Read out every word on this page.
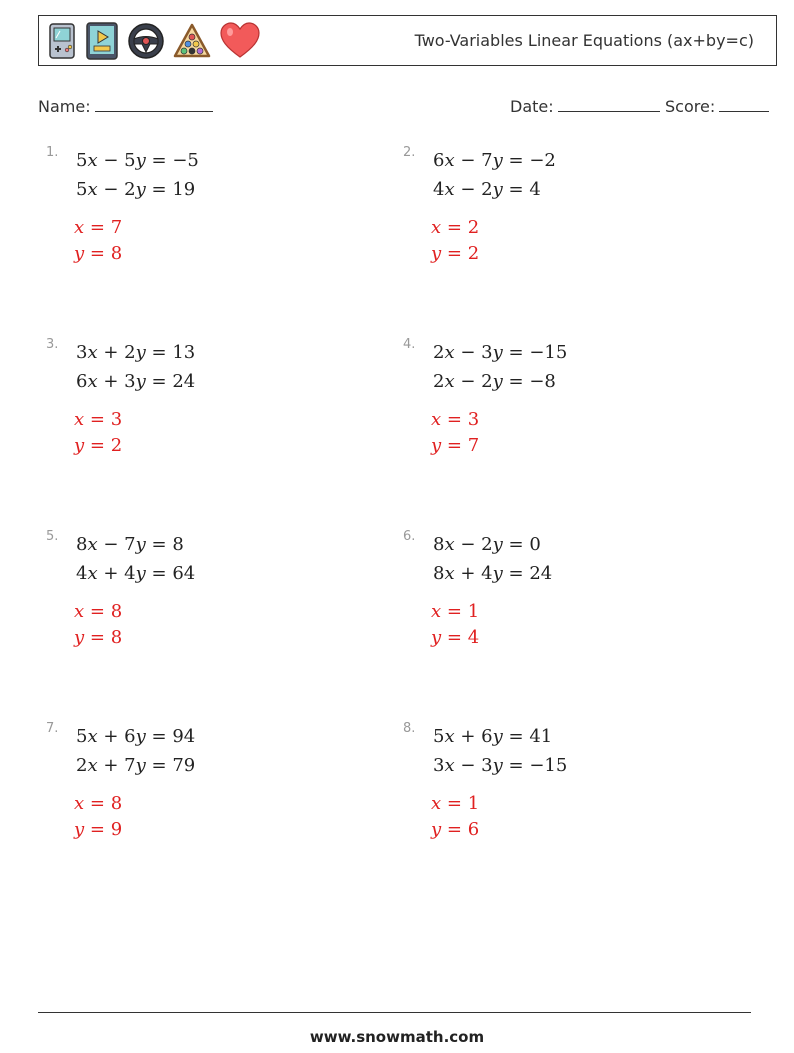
Two-Variables Linear Equations (ax+by=c)
Name:	Date:	Score:
1. 5x − 5y = −5
5x − 2y = 19
x = 7
y = 8
2. 6x − 7y = −2
4x − 2y = 4
x = 2
y = 2
3. 3x + 2y = 13
6x + 3y = 24
x = 3
y = 2
4. 2x − 3y = −15
2x − 2y = −8
x = 3
y = 7
5. 8x − 7y = 8
4x + 4y = 64
x = 8
y = 8
6. 8x − 2y = 0
8x + 4y = 24
x = 1
y = 4
7. 5x + 6y = 94
2x + 7y = 79
x = 8
y = 9
8. 5x + 6y = 41
3x − 3y = −15
x = 1
y = 6
www.snowmath.com
